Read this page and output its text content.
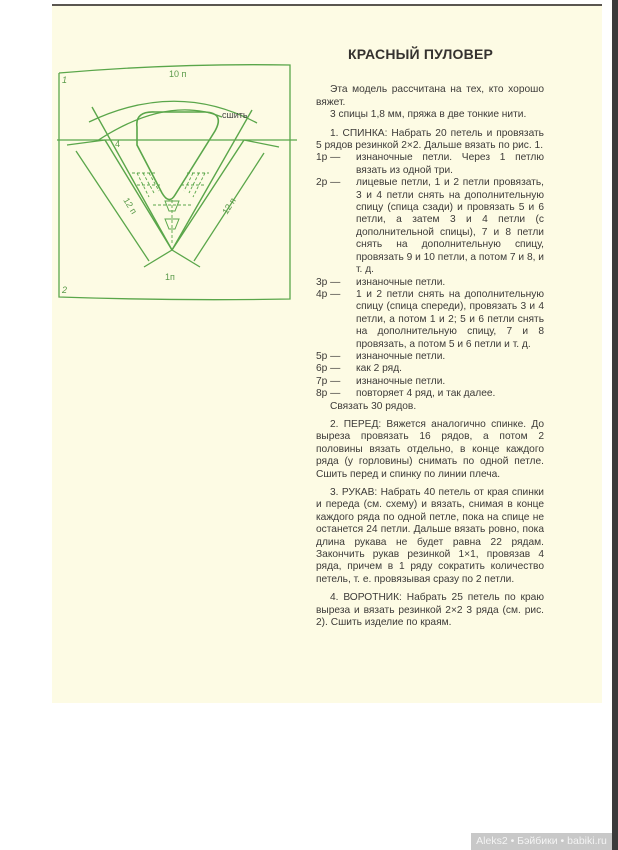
1
2
10 п
сшить
4
1п
12 п	12 п
КРАСНЫЙ ПУЛОВЕР

Эта модель рассчитана на тех, кто хорошо вяжет.

3 спицы 1,8 мм, пряжа в две тонкие нити.

1. СПИНКА: Набрать 20 петель и провязать 5 рядов резинкой 2×2. Дальше вязать по рис. 1.

1р —	изнаночные петли. Через 1 петлю вязать из одной три.
2р —	лицевые петли, 1 и 2 петли провязать, 3 и 4 петли снять на дополнительную спицу (спица сзади) и провязать 5 и 6 петли, а затем 3 и 4 петли (с дополнительной спицы), 7 и 8 петли снять на дополнительную спицу, провязать 9 и 10 петли, а потом 7 и 8, и т. д.
3р —	изнаночные петли.
4р —	1 и 2 петли снять на дополнительную спицу (спица спереди), провязать 3 и 4 петли, а потом 1 и 2; 5 и 6 петли снять на дополнительную спицу, 7 и 8 провязать, а потом 5 и 6 петли и т. д.
5р —	изнаночные петли.
6р —	как 2 ряд.
7р —	изнаночные петли.
8р —	повторяет 4 ряд, и так далее.

Связать 30 рядов.

2. ПЕРЕД: Вяжется аналогично спинке. До выреза провязать 16 рядов, а потом 2 половины вязать отдельно, в конце каждого ряда (у горловины) снимать по одной петле. Сшить перед и спинку по линии плеча.

3. РУКАВ: Набрать 40 петель от края спинки и переда (см. схему) и вязать, снимая в конце каждого ряда по одной петле, пока на спице не останется 24 петли. Дальше вязать ровно, пока длина рукава не будет равна 22 рядам. Закончить рукав резинкой 1×1, провязав 4 ряда, причем в 1 ряду сократить количество петель, т. е. провязывая сразу по 2 петли.

4. ВОРОТНИК: Набрать 25 петель по краю выреза и вязать резинкой 2×2 3 ряда (см. рис. 2). Сшить изделие по краям.

Aleks2 • Бэйбики • babiki.ru
